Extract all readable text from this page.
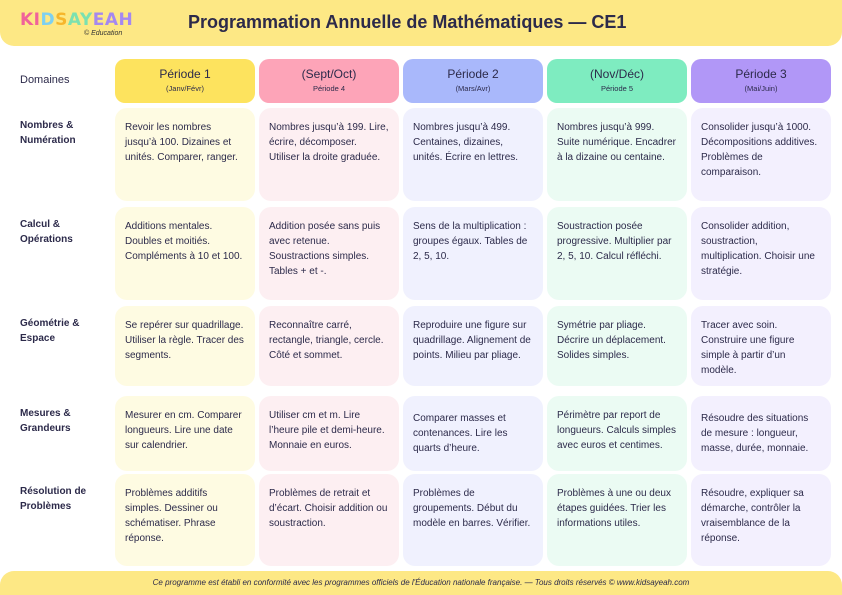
KIDSAYEAH
© Education
Programmation Annuelle de Mathématiques — CE1
Domaines	Période 1
(Janv/Févr)
(Sept/Oct)
Période 4
Période 2
(Mars/Avr)
(Nov/Déc)
Période 5
Période 3
(Mai/Juin)
Nombres & Numération
Revoir les nombres jusqu’à 100. Dizaines et unités. Comparer, ranger.
Nombres jusqu’à 199. Lire, écrire, décomposer. Utiliser la droite graduée.
Nombres jusqu’à 499. Centaines, dizaines, unités. Écrire en lettres.
Nombres jusqu’à 999. Suite numérique. Encadrer à la dizaine ou centaine.
Consolider jusqu’à 1000. Décompositions additives. Problèmes de comparaison.
Calcul & Opérations
Additions mentales. Doubles et moitiés. Compléments à 10 et 100.
Addition posée sans puis avec retenue. Soustractions simples. Tables + et -.
Sens de la multiplication : groupes égaux. Tables de 2, 5, 10.
Soustraction posée progressive. Multiplier par 2, 5, 10. Calcul réfléchi.
Consolider addition, soustraction, multiplication. Choisir une stratégie.
Géométrie & Espace
Se repérer sur quadrillage. Utiliser la règle. Tracer des segments.
Reconnaître carré, rectangle, triangle, cercle. Côté et sommet.
Reproduire une figure sur quadrillage. Alignement de points. Milieu par pliage.
Symétrie par pliage. Décrire un déplacement. Solides simples.
Tracer avec soin. Construire une figure simple à partir d’un modèle.
Mesures & Grandeurs
Mesurer en cm. Comparer longueurs. Lire une date sur calendrier.
Utiliser cm et m. Lire l’heure pile et demi-heure. Monnaie en euros.
Comparer masses et contenances. Lire les quarts d’heure.
Périmètre par report de longueurs. Calculs simples avec euros et centimes.
Résoudre des situations de mesure : longueur, masse, durée, monnaie.
Résolution de Problèmes
Problèmes additifs simples. Dessiner ou schématiser. Phrase réponse.
Problèmes de retrait et d’écart. Choisir addition ou soustraction.
Problèmes de groupements. Début du modèle en barres. Vérifier.
Problèmes à une ou deux étapes guidées. Trier les informations utiles.
Résoudre, expliquer sa démarche, contrôler la vraisemblance de la réponse.
Ce programme est établi en conformité avec les programmes officiels de l'Éducation nationale française. — Tous droits réservés © www.kidsayeah.com
